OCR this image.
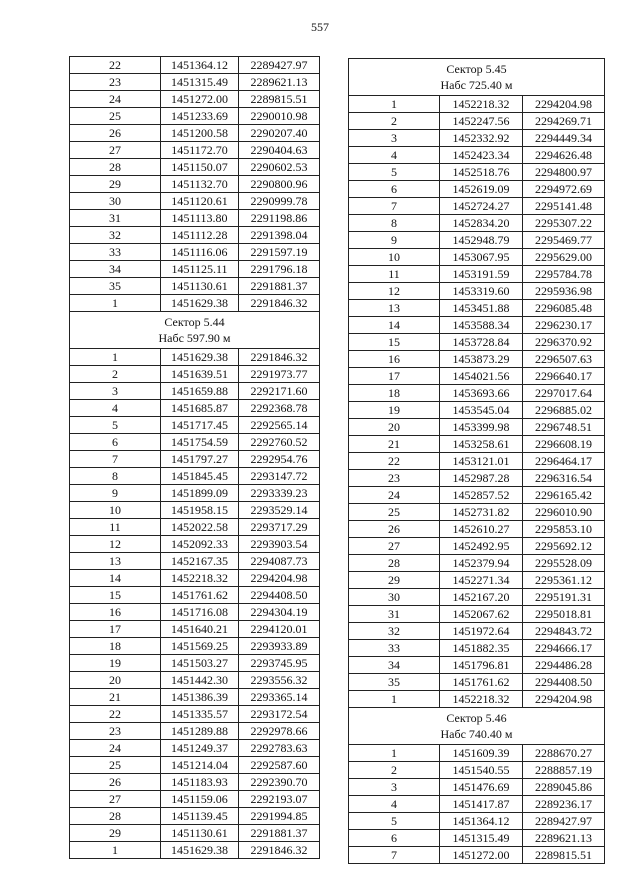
557
22	1451364.12	2289427.97
23	1451315.49	2289621.13
24	1451272.00	2289815.51
25	1451233.69	2290010.98
26	1451200.58	2290207.40
27	1451172.70	2290404.63
28	1451150.07	2290602.53
29	1451132.70	2290800.96
30	1451120.61	2290999.78
31	1451113.80	2291198.86
32	1451112.28	2291398.04
33	1451116.06	2291597.19
34	1451125.11	2291796.18
35	1451130.61	2291881.37
1	1451629.38	2291846.32

Сектор 5.44
Набс 597.90 м		

1	1451629.38	2291846.32
2	1451639.51	2291973.77
3	1451659.88	2292171.60
4	1451685.87	2292368.78
5	1451717.45	2292565.14
6	1451754.59	2292760.52
7	1451797.27	2292954.76
8	1451845.45	2293147.72
9	1451899.09	2293339.23
10	1451958.15	2293529.14
11	1452022.58	2293717.29
12	1452092.33	2293903.54
13	1452167.35	2294087.73
14	1452218.32	2294204.98
15	1451761.62	2294408.50
16	1451716.08	2294304.19
17	1451640.21	2294120.01
18	1451569.25	2293933.89
19	1451503.27	2293745.95
20	1451442.30	2293556.32
21	1451386.39	2293365.14
22	1451335.57	2293172.54
23	1451289.88	2292978.66
24	1451249.37	2292783.63
25	1451214.04	2292587.60
26	1451183.93	2292390.70
27	1451159.06	2292193.07
28	1451139.45	2291994.85
29	1451130.61	2291881.37
1	1451629.38	2291846.32
Сектор 5.45
Набс 725.40 м		

1	1452218.32	2294204.98
2	1452247.56	2294269.71
3	1452332.92	2294449.34
4	1452423.34	2294626.48
5	1452518.76	2294800.97
6	1452619.09	2294972.69
7	1452724.27	2295141.48
8	1452834.20	2295307.22
9	1452948.79	2295469.77
10	1453067.95	2295629.00
11	1453191.59	2295784.78
12	1453319.60	2295936.98
13	1453451.88	2296085.48
14	1453588.34	2296230.17
15	1453728.84	2296370.92
16	1453873.29	2296507.63
17	1454021.56	2296640.17
18	1453693.66	2297017.64
19	1453545.04	2296885.02
20	1453399.98	2296748.51
21	1453258.61	2296608.19
22	1453121.01	2296464.17
23	1452987.28	2296316.54
24	1452857.52	2296165.42
25	1452731.82	2296010.90
26	1452610.27	2295853.10
27	1452492.95	2295692.12
28	1452379.94	2295528.09
29	1452271.34	2295361.12
30	1452167.20	2295191.31
31	1452067.62	2295018.81
32	1451972.64	2294843.72
33	1451882.35	2294666.17
34	1451796.81	2294486.28
35	1451761.62	2294408.50
1	1452218.32	2294204.98

Сектор 5.46
Набс 740.40 м		

1	1451609.39	2288670.27
2	1451540.55	2288857.19
3	1451476.69	2289045.86
4	1451417.87	2289236.17
5	1451364.12	2289427.97
6	1451315.49	2289621.13
7	1451272.00	2289815.51
